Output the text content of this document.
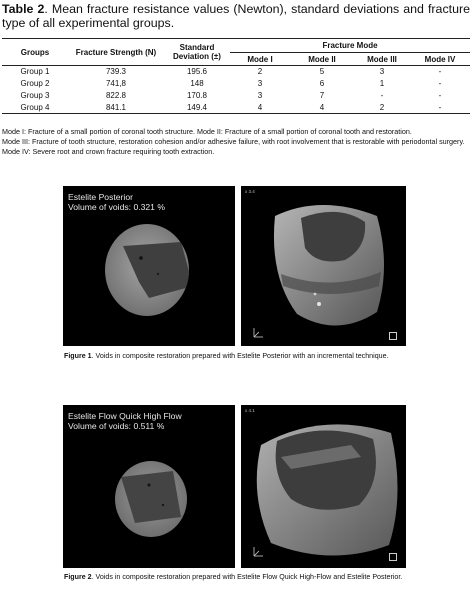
Table 2. Mean fracture resistance values (Newton), standard deviations and fracture type of all experimental groups.
Groups	Fracture Strength (N)	Standard Deviation (±)	Fracture Mode			
			Mode I	Mode II	Mode III	Mode IV
Group 1	739.3	195.6	2	5	3	-
Group 2	741,8	148	3	6	1	-
Group 3	822.8	170.8	3	7	-	-
Group 4	841.1	149.4	4	4	2	-

Mode I: Fracture of a small portion of coronal tooth structure. Mode II: Fracture of a small portion of coronal tooth and restoration.

Mode III: Fracture of tooth structure, restoration cohesion and/or adhesive failure, with root involvement that is restorable with periodontal surgery. Mode IV: Severe root and crown fracture requiring tooth extraction.

Estelite Posterior
Volume of voids: 0.321 %
x 3.4
Figure 1. Voids in composite restoration prepared with Estelite Posterior with an incremental technique.
Estelite Flow Quick High Flow
Volume of voids: 0.511 %
x 4.1
Figure 2. Voids in composite restoration prepared with Estelite Flow Quick High-Flow and Estelite Posterior.
